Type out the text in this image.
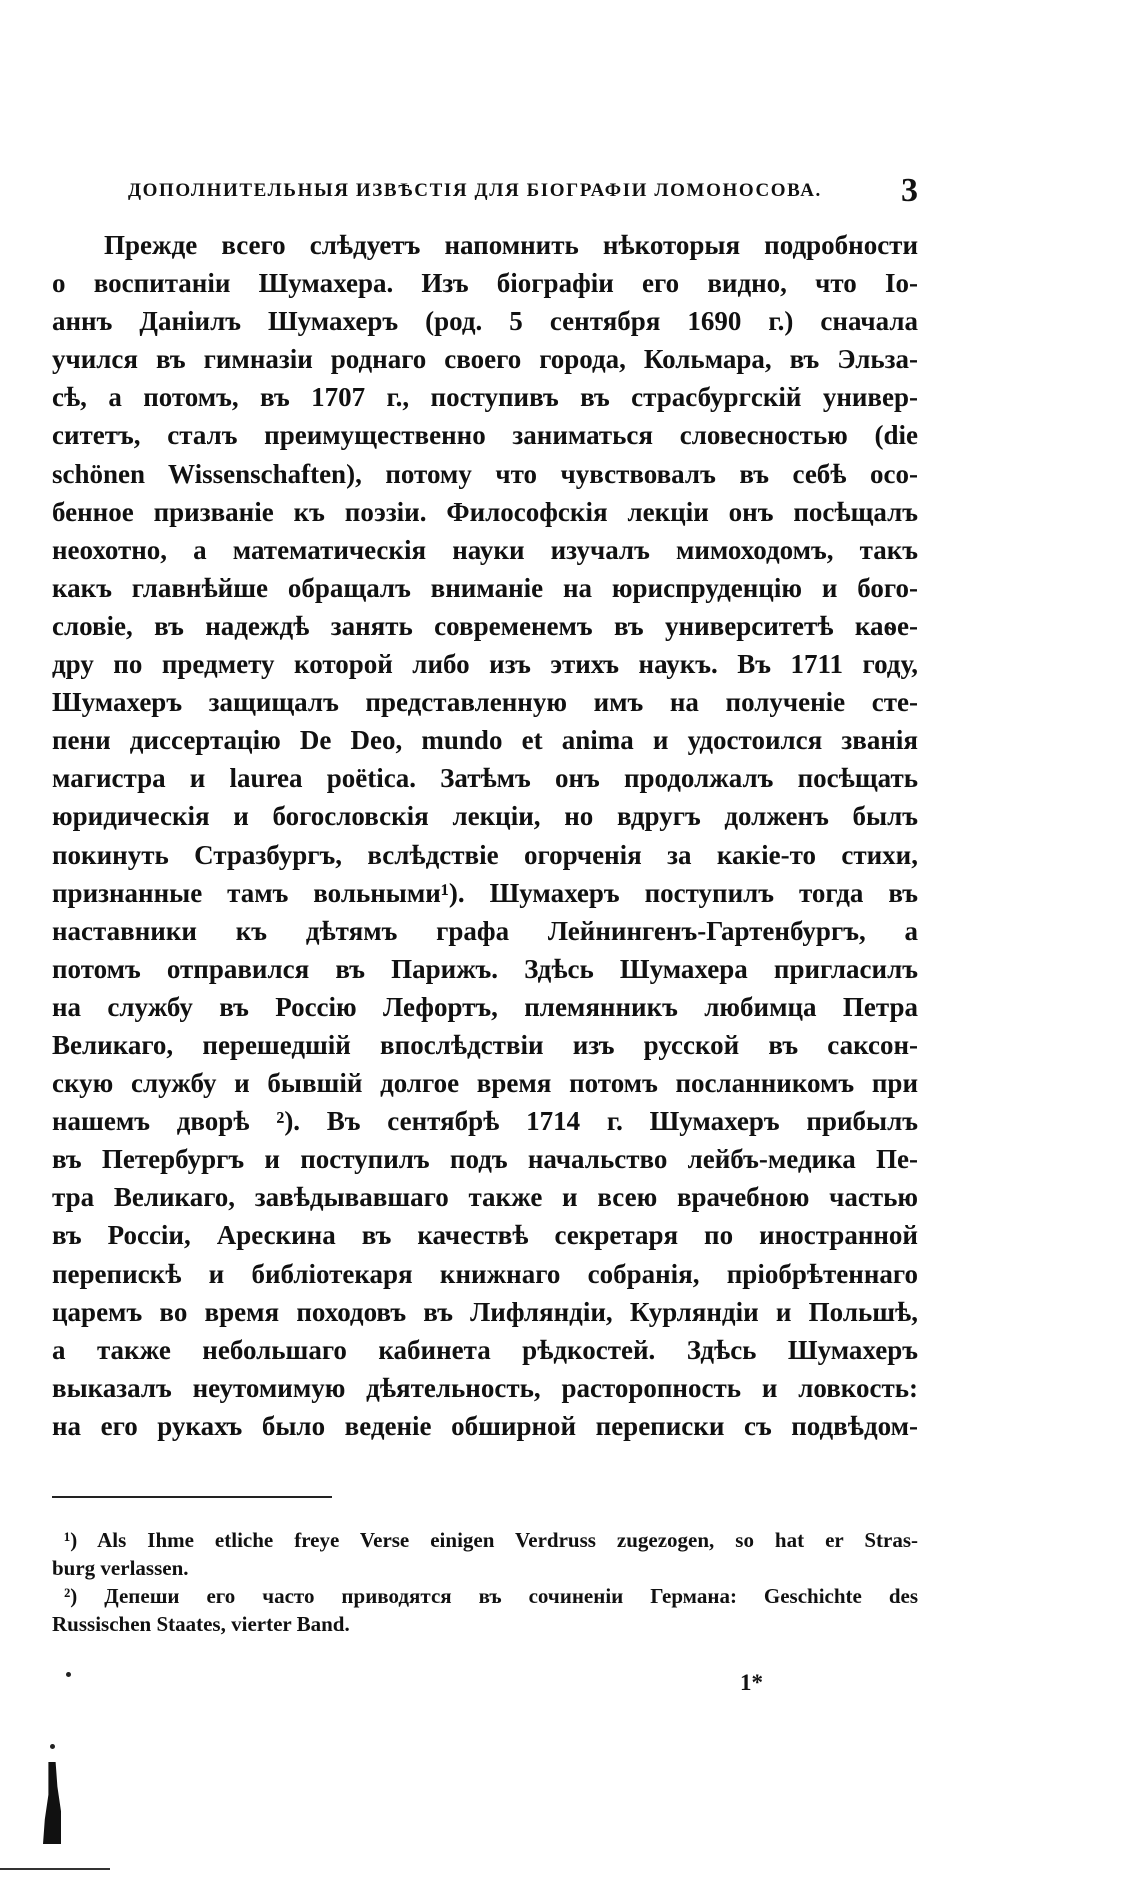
ДОПОЛНИТЕЛЬНЫЯ ИЗВѢСТІЯ ДЛЯ БІОГРАФІИ ЛОМОНОСОВА. 3
Прежде всего слѣдуетъ напомнить нѣкоторыя подробности
о воспитаніи Шумахера. Изъ біографіи его видно, что Іо-
аннъ Даніилъ Шумахеръ (род. 5 сентября 1690 г.) сначала
учился въ гимназіи роднаго своего города, Кольмара, въ Эльза-
сѣ, а потомъ, въ 1707 г., поступивъ въ страсбургскій универ-
ситетъ, сталъ преимущественно заниматься словесностью (die
schönen Wissenschaften), потому что чувствовалъ въ себѣ осо-
бенное призваніе къ поэзіи. Философскія лекціи онъ посѣщалъ
неохотно, а математическія науки изучалъ мимоходомъ, такъ
какъ главнѣйше обращалъ вниманіе на юриспруденцію и бого-
словіе, въ надеждѣ занять современемъ въ университетѣ каѳе-
дру по предмету которой либо изъ этихъ наукъ. Въ 1711 году,
Шумахеръ защищалъ представленную имъ на полученіе сте-
пени диссертацію De Deo, mundo et anima и удостоился званія
магистра и laurea poëtica. Затѣмъ онъ продолжалъ посѣщать
юридическія и богословскія лекціи, но вдругъ долженъ былъ
покинуть Стразбургъ, вслѣдствіе огорченія за какіе-то стихи,
признанные тамъ вольными¹). Шумахеръ поступилъ тогда въ
наставники къ дѣтямъ графа Лейнингенъ-Гартенбургъ, а
потомъ отправился въ Парижъ. Здѣсь Шумахера пригласилъ
на службу въ Россію Лефортъ, племянникъ любимца Петра
Великаго, перешедшій впослѣдствіи изъ русской въ саксон-
скую службу и бывшій долгое время потомъ посланникомъ при
нашемъ дворѣ ²). Въ сентябрѣ 1714 г. Шумахеръ прибылъ
въ Петербургъ и поступилъ подъ начальство лейбъ-медика Пе-
тра Великаго, завѣдывавшаго также и всею врачебною частью
въ Россіи, Арескина въ качествѣ секретаря по иностранной
перепискѣ и библіотекаря книжнаго собранія, пріобрѣтеннаго
царемъ во время походовъ въ Лифляндіи, Курляндіи и Польшѣ,
а также небольшаго кабинета рѣдкостей. Здѣсь Шумахеръ
выказалъ неутомимую дѣятельность, расторопность и ловкость:
на его рукахъ было веденіе обширной переписки съ подвѣдом-
¹) Als Ihme etliche freye Verse einigen Verdruss zugezogen, so hat er Stras-
burg verlassen.
²) Депеши его часто приводятся въ сочиненіи Германа: Geschichte des
Russischen Staates, vierter Band.
1*
